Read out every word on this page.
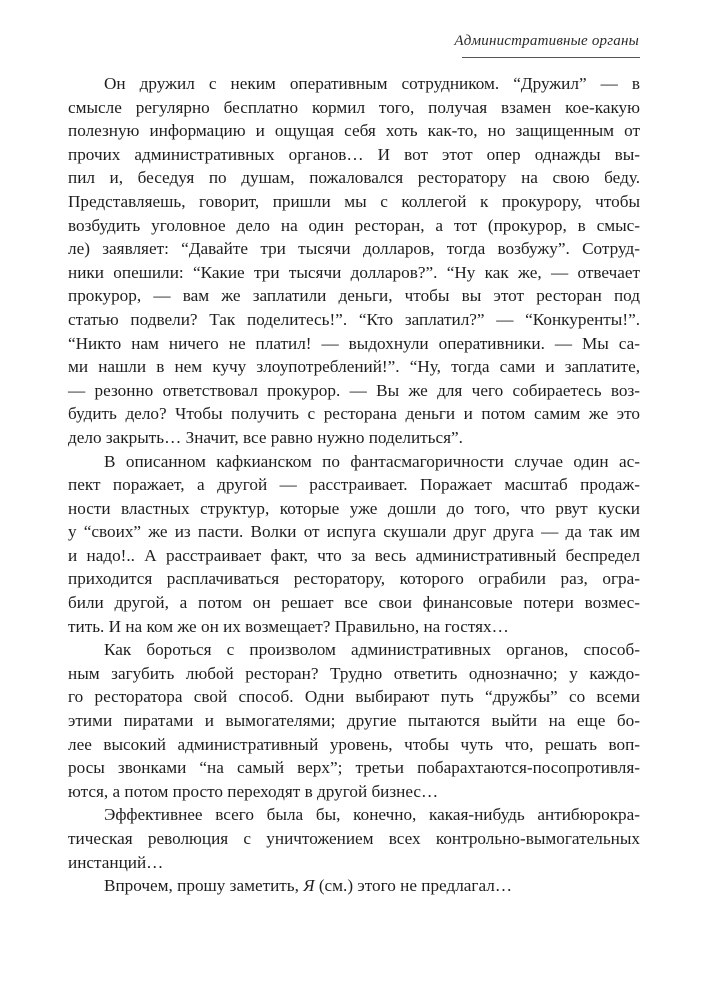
Административные органы

Он дружил с неким оперативным сотрудником. “Дружил” — в
смысле регулярно бесплатно кормил того, получая взамен кое-какую
полезную информацию и ощущая себя хоть как-то, но защищенным от
прочих административных органов… И вот этот опер однажды вы-
пил и, беседуя по душам, пожаловался ресторатору на свою беду.
Представляешь, говорит, пришли мы с коллегой к прокурору, чтобы
возбудить уголовное дело на один ресторан, а тот (прокурор, в смыс-
ле) заявляет: “Давайте три тысячи долларов, тогда возбужу”. Сотруд-
ники опешили: “Какие три тысячи долларов?”. “Ну как же, — отвечает
прокурор, — вам же заплатили деньги, чтобы вы этот ресторан под
статью подвели? Так поделитесь!”. “Кто заплатил?” — “Конкуренты!”.
“Никто нам ничего не платил! — выдохнули оперативники. — Мы са-
ми нашли в нем кучу злоупотреблений!”. “Ну, тогда сами и заплатите,
— резонно ответствовал прокурор. — Вы же для чего собираетесь воз-
будить дело? Чтобы получить с ресторана деньги и потом самим же это
дело закрыть… Значит, все равно нужно поделиться”.

В описанном кафкианском по фантасмагоричности случае один ас-
пект поражает, а другой — расстраивает. Поражает масштаб продаж-
ности властных структур, которые уже дошли до того, что рвут куски
у “своих” же из пасти. Волки от испуга скушали друг друга — да так им
и надо!.. А расстраивает факт, что за весь административный беспредел
приходится расплачиваться ресторатору, которого ограбили раз, огра-
били другой, а потом он решает все свои финансовые потери возмес-
тить. И на ком же он их возмещает? Правильно, на гостях…

Как бороться с произволом административных органов, способ-
ным загубить любой ресторан? Трудно ответить однозначно; у каждо-
го ресторатора свой способ. Одни выбирают путь “дружбы” со всеми
этими пиратами и вымогателями; другие пытаются выйти на еще бо-
лее высокий административный уровень, чтобы чуть что, решать воп-
росы звонками “на самый верх”; третьи побарахтаются-посопротивля-
ются, а потом просто переходят в другой бизнес…

Эффективнее всего была бы, конечно, какая-нибудь антибюрокра-
тическая революция с уничтожением всех контрольно-вымогательных
инстанций…

Впрочем, прошу заметить, Я (см.) этого не предлагал…
